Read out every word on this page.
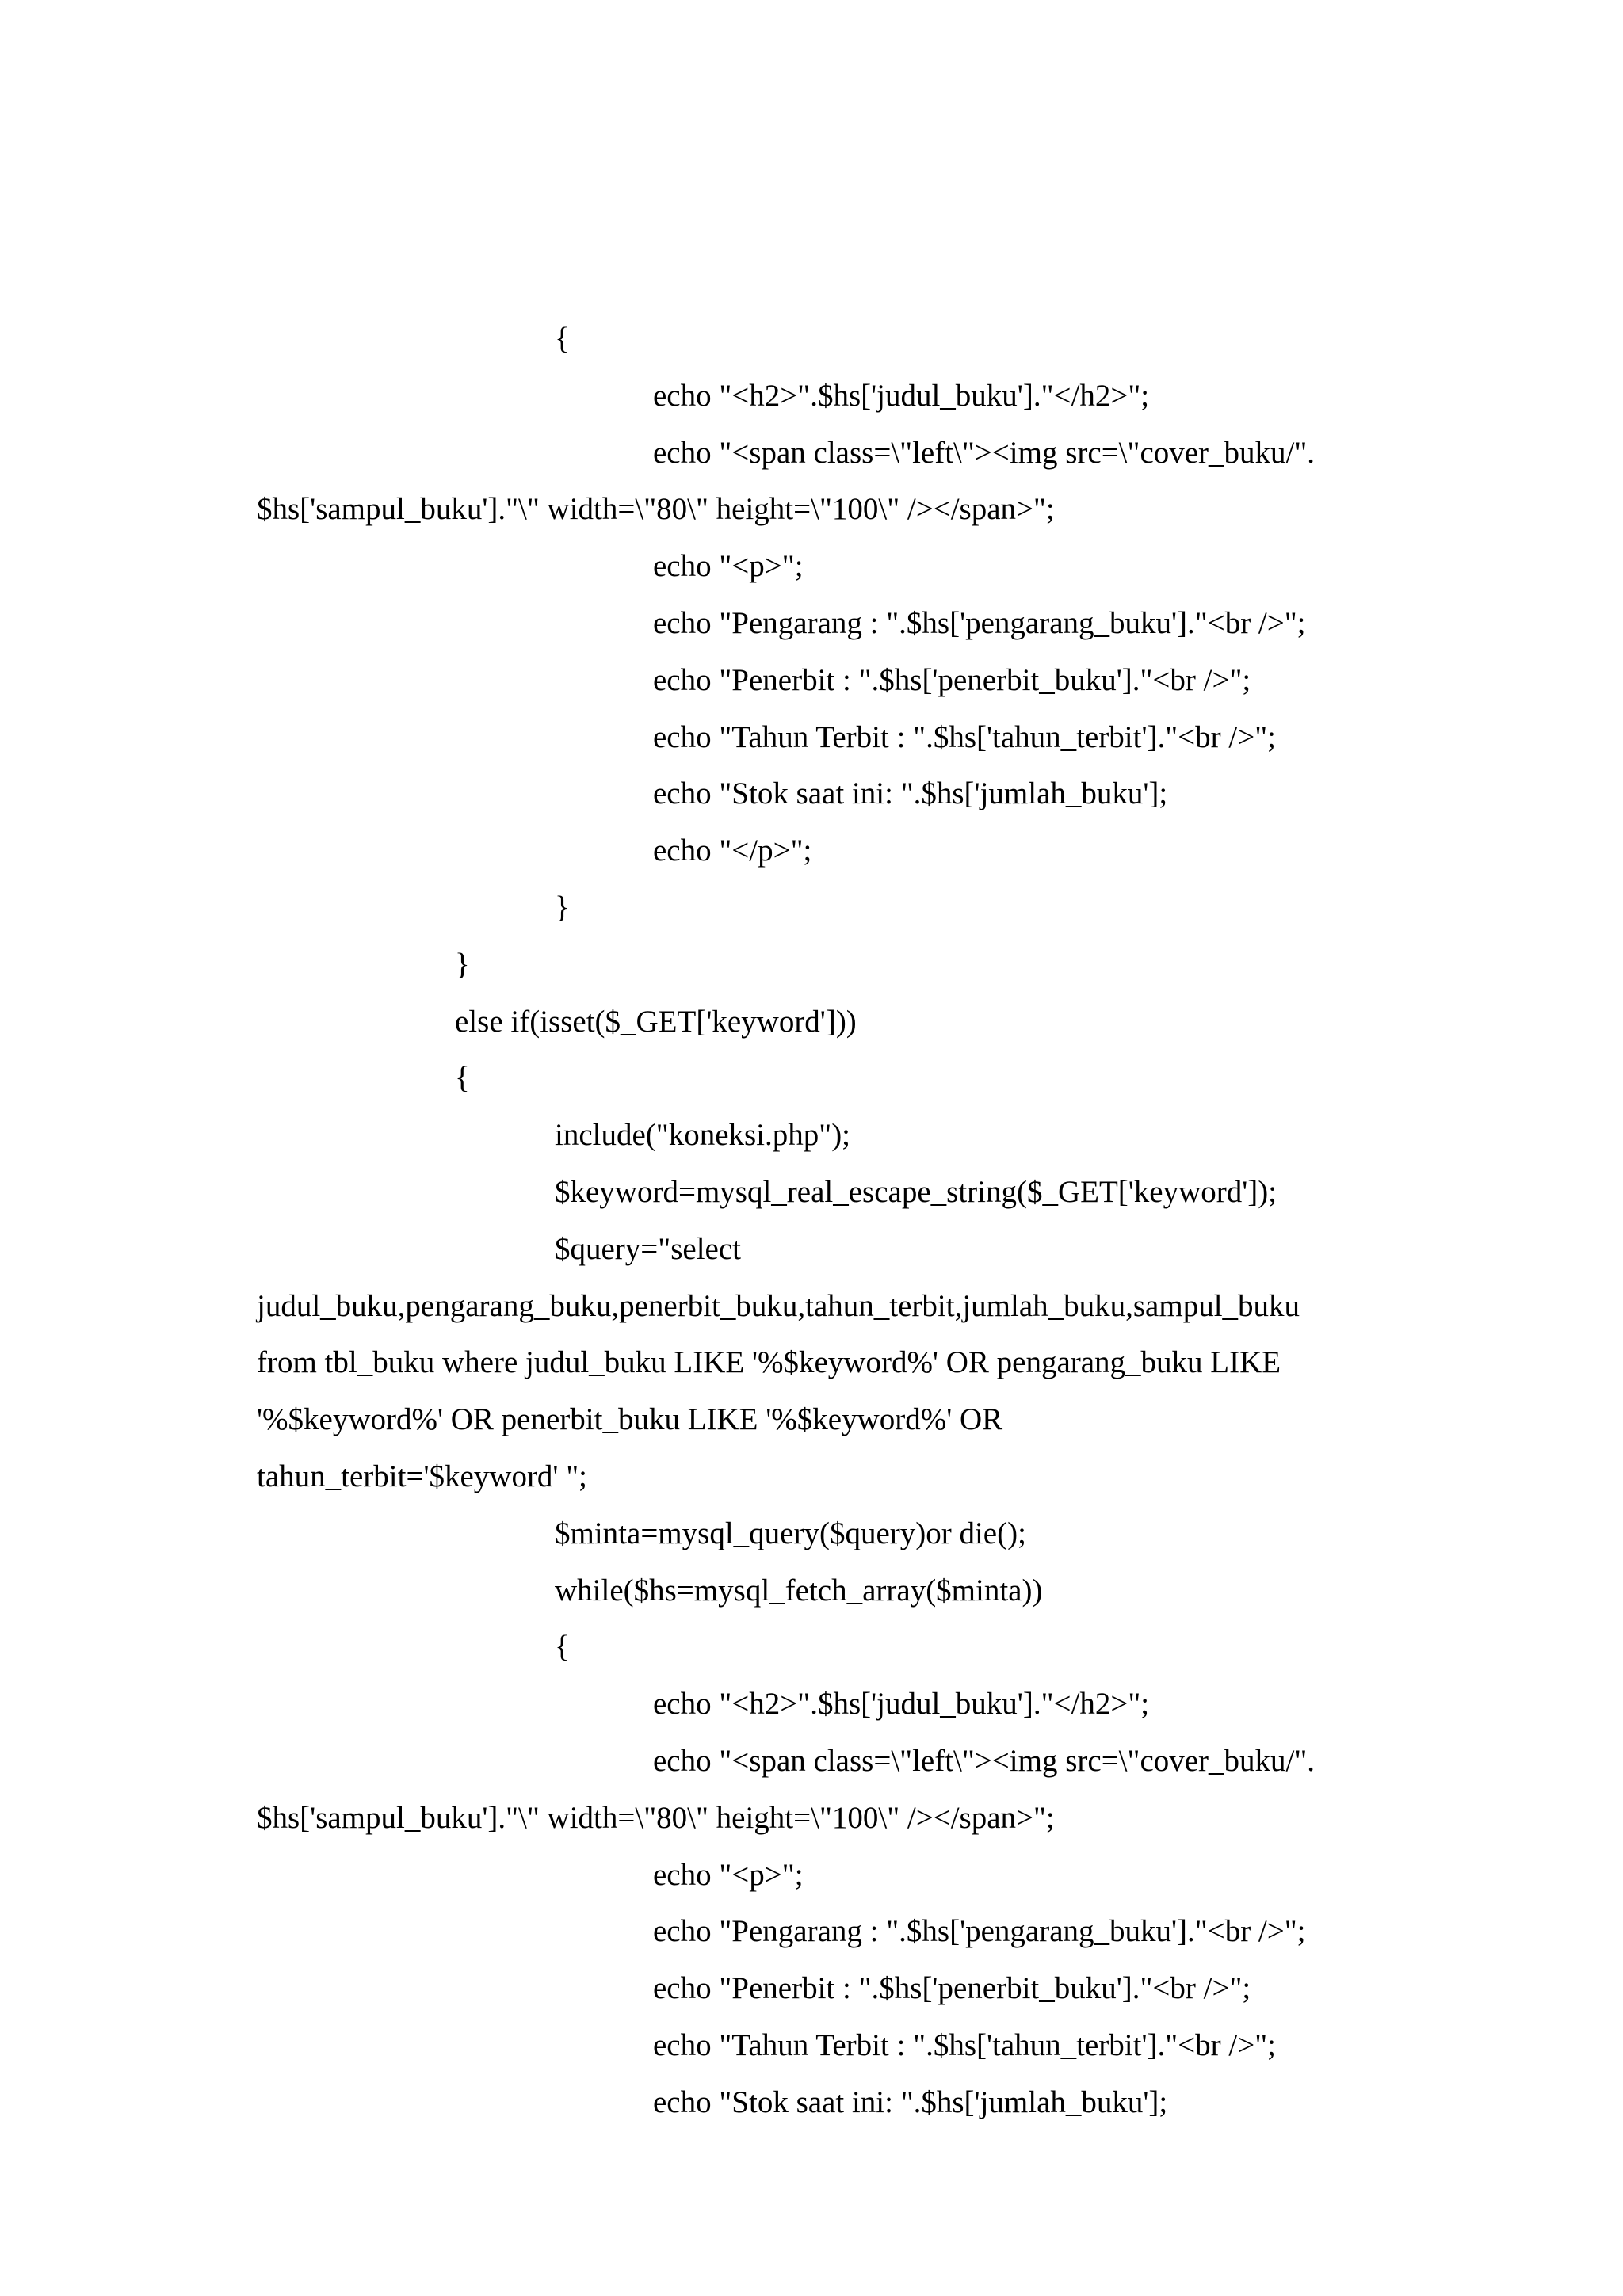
{
echo "<h2>".$hs['judul_buku']."</h2>";
echo "<span class=\"left\"><img src=\"cover_buku/".
$hs['sampul_buku']."\" width=\"80\" height=\"100\" /></span>";
echo "<p>";
echo "Pengarang : ".$hs['pengarang_buku']."<br />";
echo "Penerbit : ".$hs['penerbit_buku']."<br />";
echo "Tahun Terbit : ".$hs['tahun_terbit']."<br />";
echo "Stok saat ini: ".$hs['jumlah_buku'];
echo "</p>";
}
}
else if(isset($_GET['keyword']))
{
include("koneksi.php");
$keyword=mysql_real_escape_string($_GET['keyword']);
$query="select
judul_buku,pengarang_buku,penerbit_buku,tahun_terbit,jumlah_buku,sampul_buku
from tbl_buku where judul_buku LIKE '%$keyword%' OR pengarang_buku LIKE
'%$keyword%' OR penerbit_buku LIKE '%$keyword%' OR
tahun_terbit='$keyword' ";
$minta=mysql_query($query)or die();
while($hs=mysql_fetch_array($minta))
{
echo "<h2>".$hs['judul_buku']."</h2>";
echo "<span class=\"left\"><img src=\"cover_buku/".
$hs['sampul_buku']."\" width=\"80\" height=\"100\" /></span>";
echo "<p>";
echo "Pengarang : ".$hs['pengarang_buku']."<br />";
echo "Penerbit : ".$hs['penerbit_buku']."<br />";
echo "Tahun Terbit : ".$hs['tahun_terbit']."<br />";
echo "Stok saat ini: ".$hs['jumlah_buku'];
